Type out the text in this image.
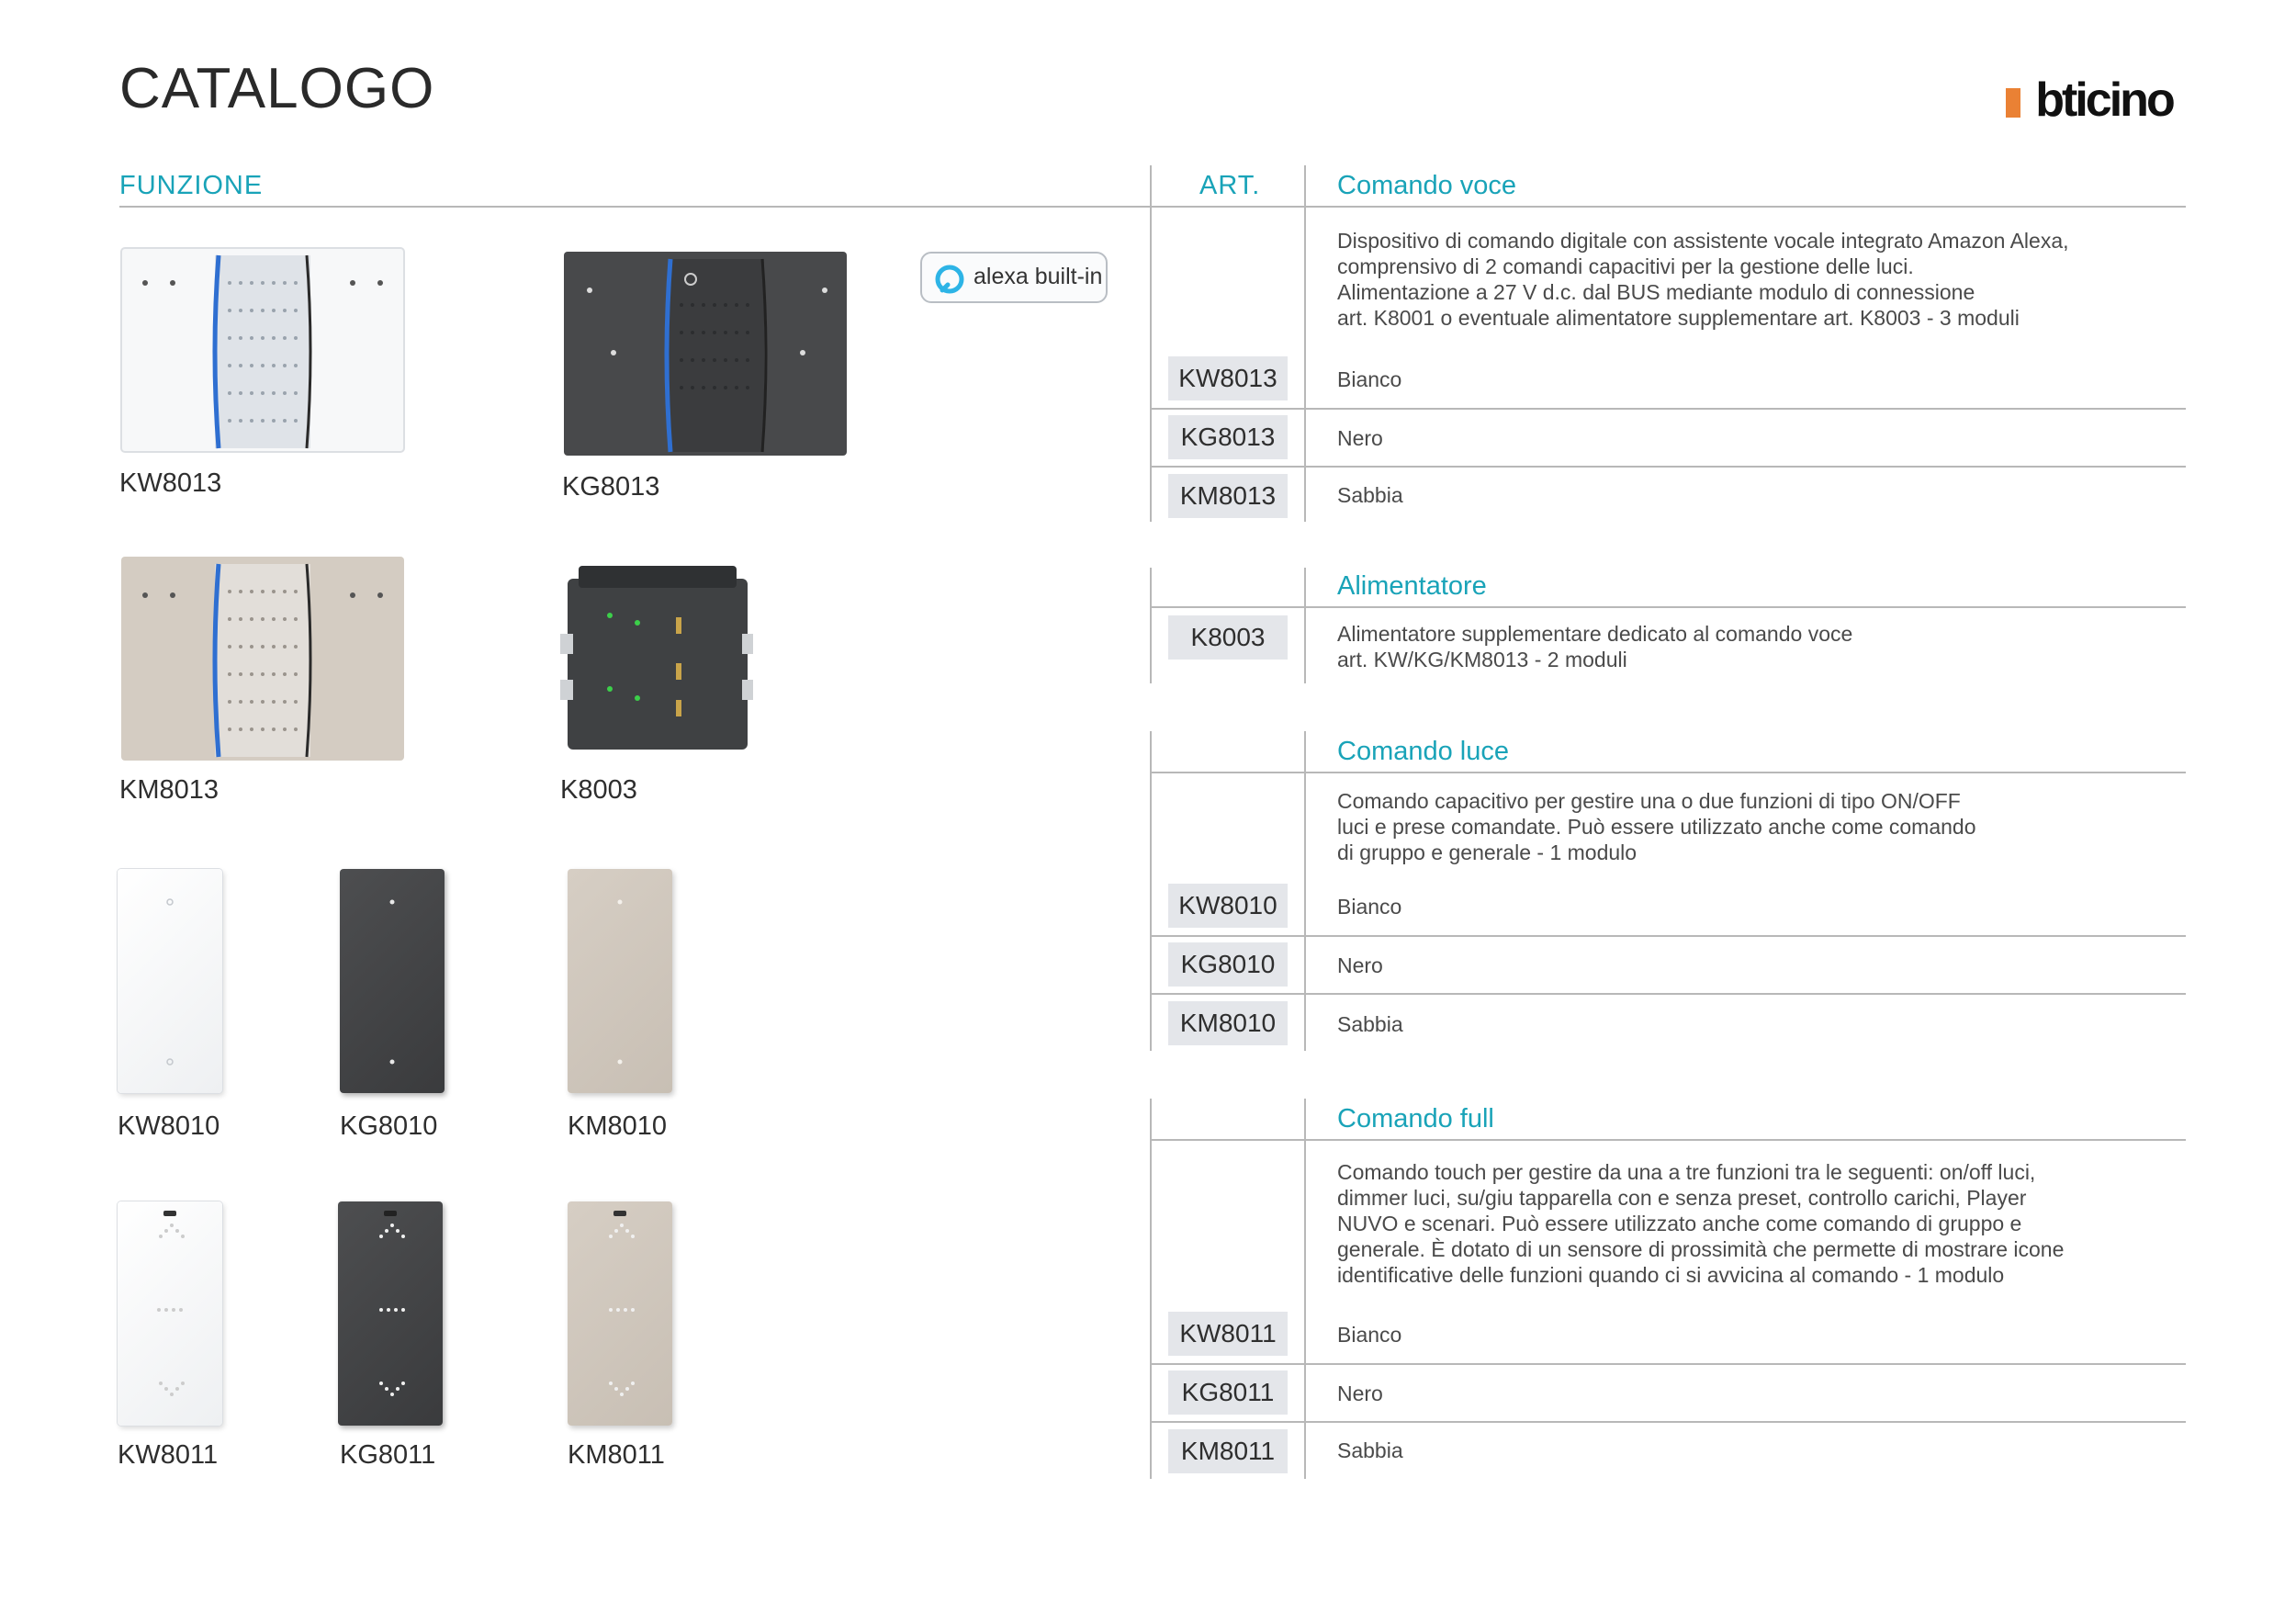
CATALOGO	bticino
FUNZIONE	ART.	Comando voce
Dispositivo di comando digitale con assistente vocale integrato Amazon Alexa,
comprensivo di 2 comandi capacitivi per la gestione delle luci.
Alimentazione a 27 V d.c. dal BUS mediante modulo di connessione
art. K8001 o eventuale alimentatore supplementare art. K8003 - 3 moduli
KW8013	Bianco
KG8013	Nero
KM8013	Sabbia
Alimentatore
K8003	Alimentatore supplementare dedicato al comando voce
art. KW/KG/KM8013 - 2 moduli
Comando luce
Comando capacitivo per gestire una o due funzioni di tipo ON/OFF
luci e prese comandate. Può essere utilizzato anche come comando
di gruppo e generale - 1 modulo
KW8010	Bianco
KG8010	Nero
KM8010	Sabbia
Comando full
Comando touch per gestire da una a tre funzioni tra le seguenti: on/off luci,
dimmer luci, su/giu tapparella con e senza preset, controllo carichi, Player
NUVO e scenari. Può essere utilizzato anche come comando di gruppo e
generale. È dotato di un sensore di prossimità che permette di mostrare icone
identificative delle funzioni quando ci si avvicina al comando - 1 modulo
KW8011	Bianco
KG8011	Nero
KM8011	Sabbia
alexa built-in
KW8013	KG8013
KM8013	K8003
KW8010	KG8010	KM8010
KW8011	KG8011	KM8011
